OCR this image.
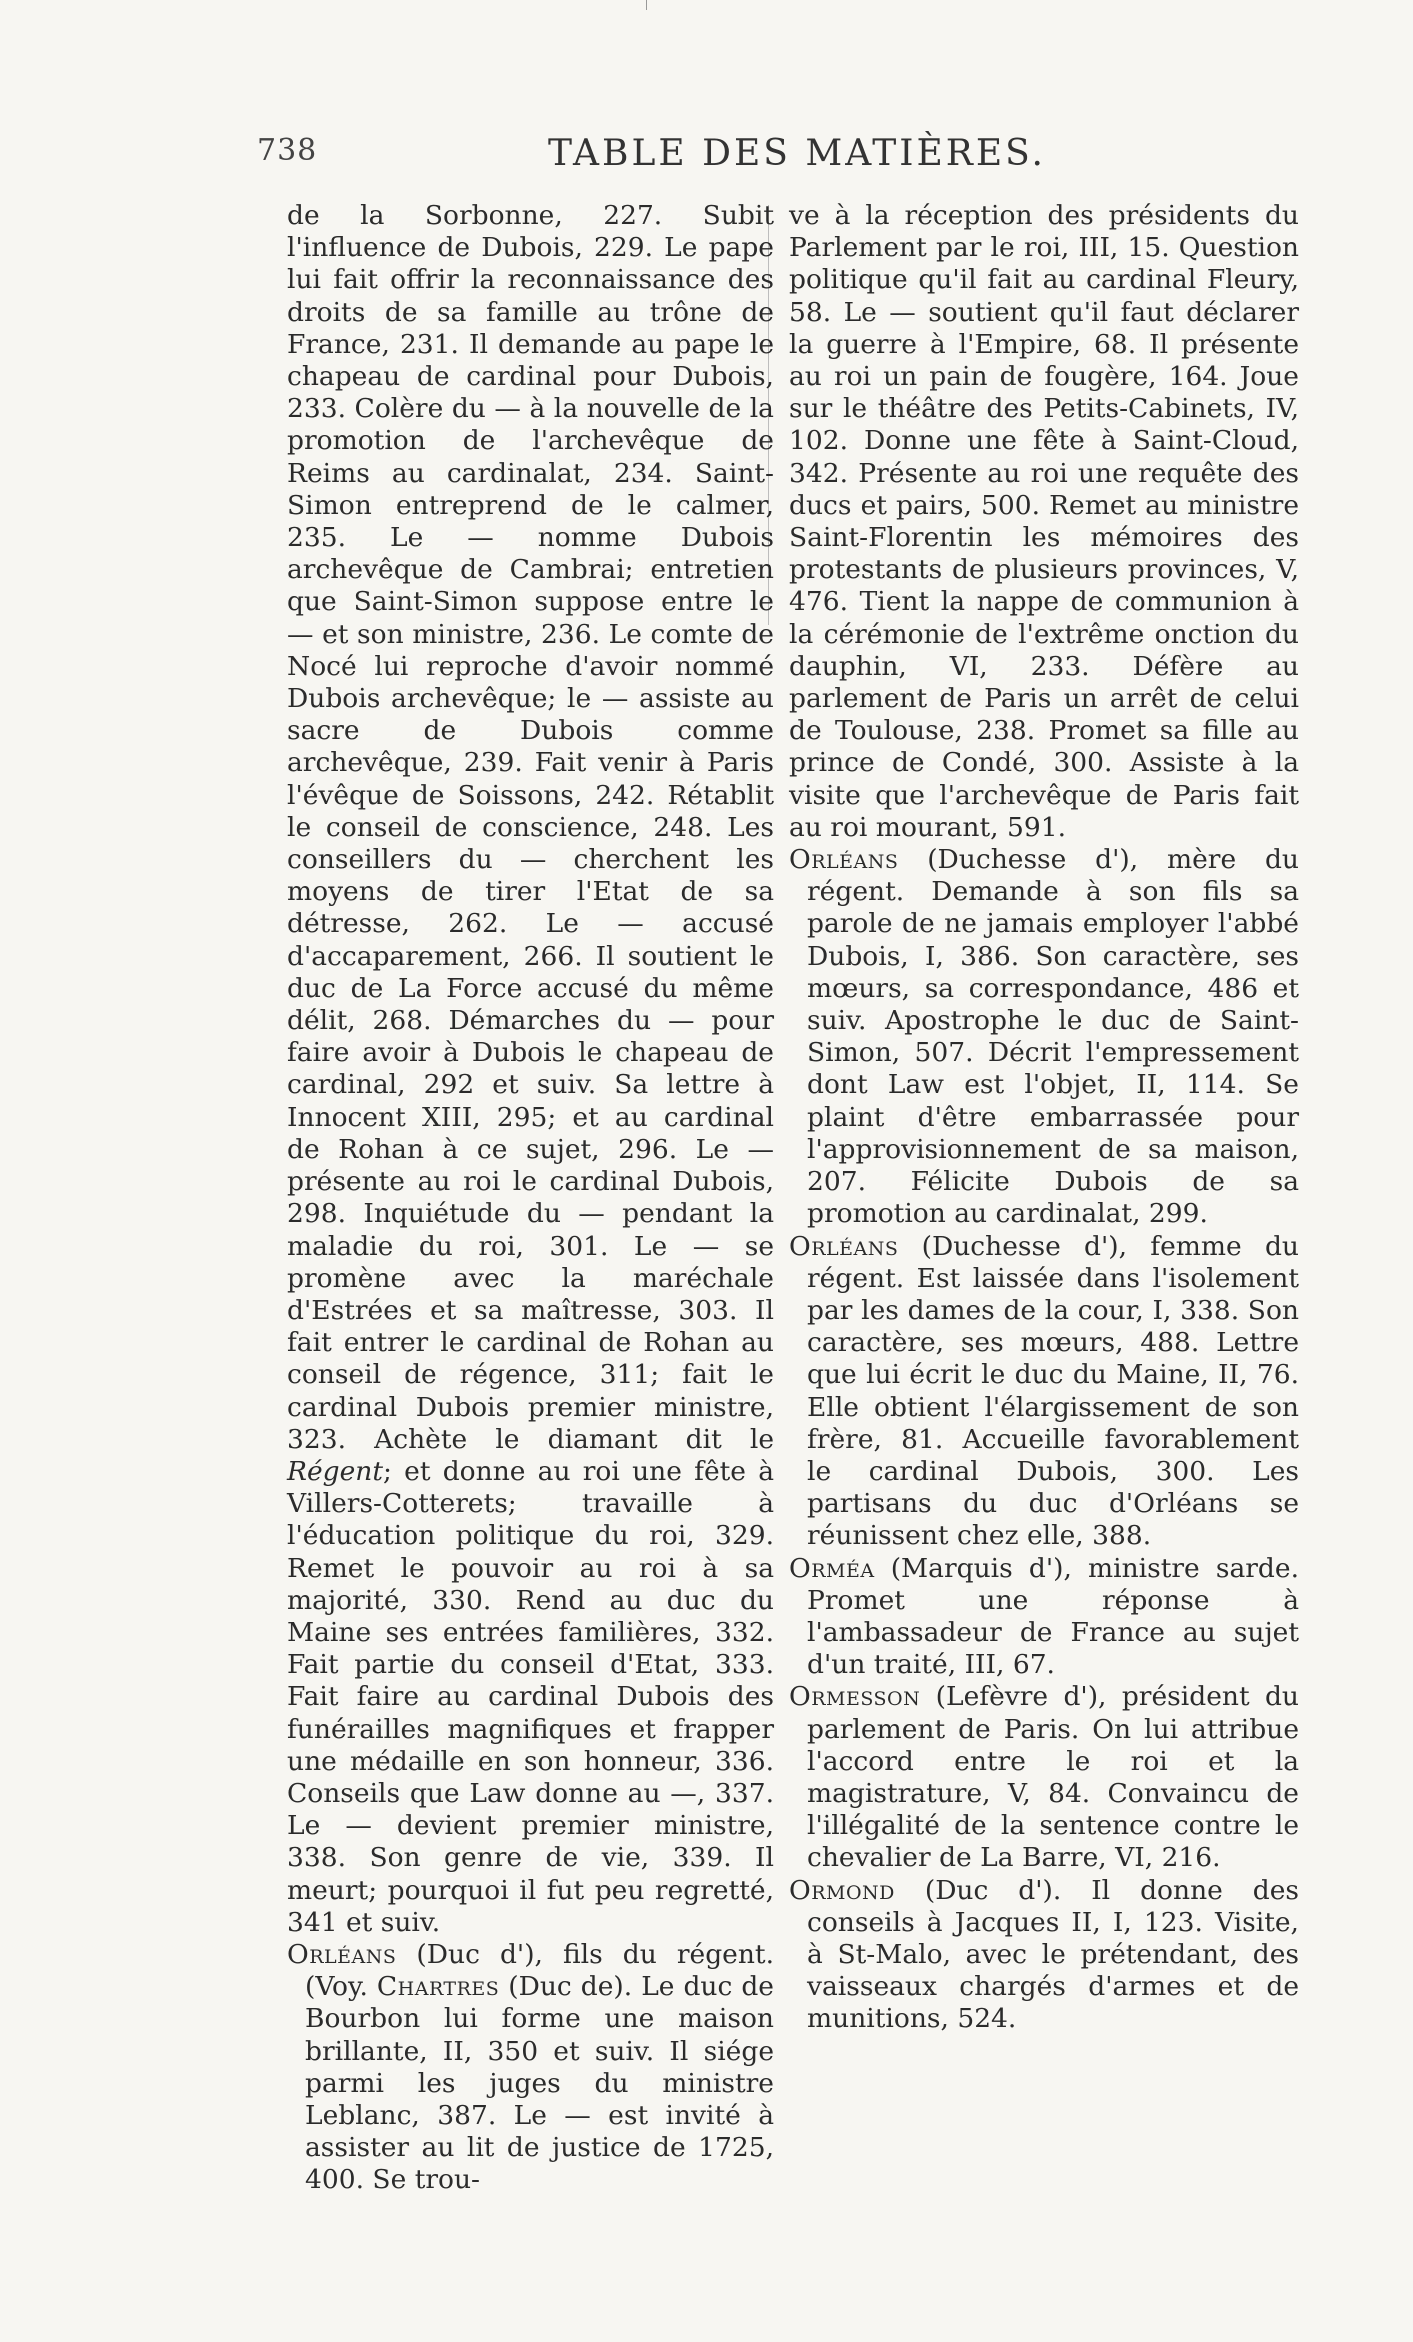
738	TABLE DES MATIÈRES.

de la Sorbonne, 227. Subit l'influence de Dubois, 229. Le pape lui fait offrir la reconnaissance des droits de sa famille au trône de France, 231. Il demande au pape le chapeau de cardinal pour Dubois, 233. Colère du — à la nouvelle de la promotion de l'archevêque de Reims au cardinalat, 234. Saint-Simon entreprend de le calmer, 235. Le — nomme Dubois archevêque de Cambrai; entretien que Saint-Simon suppose entre le — et son ministre, 236. Le comte de Nocé lui reproche d'avoir nommé Dubois archevêque; le — assiste au sacre de Dubois comme archevêque, 239. Fait venir à Paris l'évêque de Soissons, 242. Rétablit le conseil de conscience, 248. Les conseillers du — cherchent les moyens de tirer l'Etat de sa détresse, 262. Le — accusé d'accaparement, 266. Il soutient le duc de La Force accusé du même délit, 268. Démarches du — pour faire avoir à Dubois le chapeau de cardinal, 292 et suiv. Sa lettre à Innocent XIII, 295; et au cardinal de Rohan à ce sujet, 296. Le — présente au roi le cardinal Dubois, 298. Inquiétude du — pendant la maladie du roi, 301. Le — se promène avec la maréchale d'Estrées et sa maîtresse, 303. Il fait entrer le cardinal de Rohan au conseil de régence, 311; fait le cardinal Dubois premier ministre, 323. Achète le diamant dit le Régent; et donne au roi une fête à Villers-Cotterets; travaille à l'éducation politique du roi, 329. Remet le pouvoir au roi à sa majorité, 330. Rend au duc du Maine ses entrées familières, 332. Fait partie du conseil d'Etat, 333. Fait faire au cardinal Dubois des funérailles magnifiques et frapper une médaille en son honneur, 336. Conseils que Law donne au —, 337. Le — devient premier ministre, 338. Son genre de vie, 339. Il meurt; pourquoi il fut peu regretté, 341 et suiv.

Orléans (Duc d'), fils du régent. (Voy. Chartres (Duc de). Le duc de Bourbon lui forme une maison brillante, II, 350 et suiv. Il siége parmi les juges du ministre Leblanc, 387. Le — est invité à assister au lit de justice de 1725, 400. Se trou-

ve à la réception des présidents du Parlement par le roi, III, 15. Question politique qu'il fait au cardinal Fleury, 58. Le — soutient qu'il faut déclarer la guerre à l'Empire, 68. Il présente au roi un pain de fougère, 164. Joue sur le théâtre des Petits-Cabinets, IV, 102. Donne une fête à Saint-Cloud, 342. Présente au roi une requête des ducs et pairs, 500. Remet au ministre Saint-Florentin les mémoires des protestants de plusieurs provinces, V, 476. Tient la nappe de communion à la cérémonie de l'extrême onction du dauphin, VI, 233. Défère au parlement de Paris un arrêt de celui de Toulouse, 238. Promet sa fille au prince de Condé, 300. Assiste à la visite que l'archevêque de Paris fait au roi mourant, 591.

Orléans (Duchesse d'), mère du régent. Demande à son fils sa parole de ne jamais employer l'abbé Dubois, I, 386. Son caractère, ses mœurs, sa correspondance, 486 et suiv. Apostrophe le duc de Saint-Simon, 507. Décrit l'empressement dont Law est l'objet, II, 114. Se plaint d'être embarrassée pour l'approvisionnement de sa maison, 207. Félicite Dubois de sa promotion au cardinalat, 299.

Orléans (Duchesse d'), femme du régent. Est laissée dans l'isolement par les dames de la cour, I, 338. Son caractère, ses mœurs, 488. Lettre que lui écrit le duc du Maine, II, 76. Elle obtient l'élargissement de son frère, 81. Accueille favorablement le cardinal Dubois, 300. Les partisans du duc d'Orléans se réunissent chez elle, 388.

Orméa (Marquis d'), ministre sarde. Promet une réponse à l'ambassadeur de France au sujet d'un traité, III, 67.

Ormesson (Lefèvre d'), président du parlement de Paris. On lui attribue l'accord entre le roi et la magistrature, V, 84. Convaincu de l'illégalité de la sentence contre le chevalier de La Barre, VI, 216.

Ormond (Duc d'). Il donne des conseils à Jacques II, I, 123. Visite, à St-Malo, avec le prétendant, des vaisseaux chargés d'armes et de munitions, 524.
